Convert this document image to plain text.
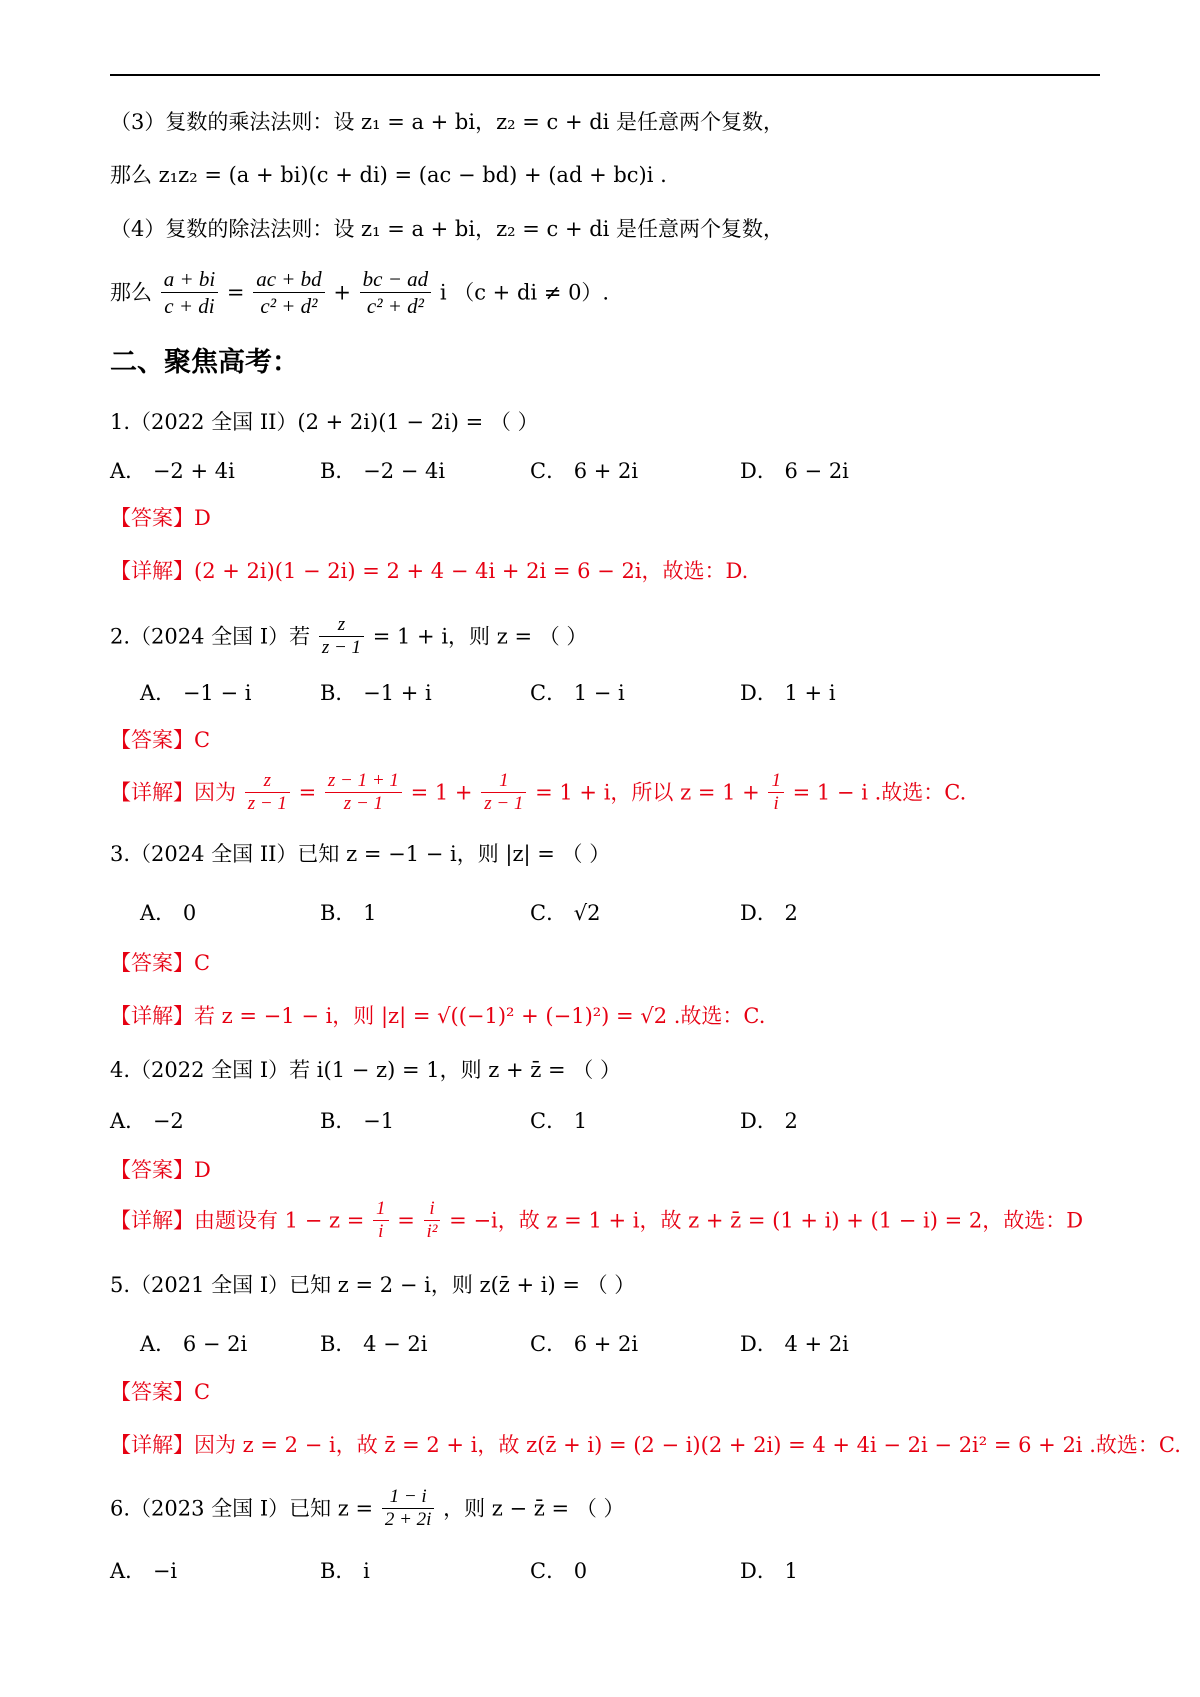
（3）复数的乘法法则：设 z₁ = a + bi，z₂ = c + di 是任意两个复数，
那么 z₁z₂ = (a + bi)(c + di) = (ac − bd) + (ad + bc)i .
（4）复数的除法法则：设 z₁ = a + bi，z₂ = c + di 是任意两个复数，
那么 $\frac{a + bi}{c + di} = \frac{ac + bd}{\text{c² + d²}} + \frac{bc - ad}{\text{c² + d²}}$ i （c + di ≠ 0）.
二、聚焦高考：
1.（2022 全国 II）(2 + 2i)(1 − 2i) = （ ）
A． −2 + 4i	B． −2 − 4i	C． 6 + 2i	D． 6 − 2i
【答案】D
【详解】(2 + 2i)(1 − 2i) = 2 + 4 − 4i + 2i = 6 − 2i，故选：D.
2.（2024 全国 I）若 $\frac{z}{z - 1} = 1 + i$，则 z = （ ）
A． −1 − i	B． −1 + i	C． 1 − i	D． 1 + i
【答案】C
【详解】因为 $\frac{z}{z - 1} = \frac{z - 1 + 1}{z - 1} = 1 + \frac{1}{z - 1} = 1 + i$，所以 $z = 1 + \frac{1}{i} = 1 - i$ .故选：C.
3.（2024 全国 II）已知 z = −1 − i，则 |z| = （ ）
A． 0	B． 1	C． √2	D． 2
【答案】C
【详解】若 z = −1 − i，则 |z| = √((−1)² + (−1)²) = √2 .故选：C.
4.（2022 全国 I）若 i(1 − z) = 1，则 z + z̄ = （ ）
A． −2	B． −1	C． 1	D． 2
【答案】D
【详解】由题设有 $1 - z = \frac{1}{i} = \frac{i}{\text{i²}} = -i$，故 z = 1 + i，故 z + z̄ = (1 + i) + (1 − i) = 2，故选：D
5.（2021 全国 I）已知 z = 2 − i，则 z(z̄ + i) = （ ）
A． 6 − 2i	B． 4 − 2i	C． 6 + 2i	D． 4 + 2i
【答案】C
【详解】因为 z = 2 − i，故 z̄ = 2 + i，故 z(z̄ + i) = (2 − i)(2 + 2i) = 4 + 4i − 2i − 2i² = 6 + 2i .故选：C.
6.（2023 全国 I）已知 $z = \frac{1 - i}{2 + 2i}$ ，则 z − z̄ = （ ）
A． −i	B． i	C． 0	D． 1
